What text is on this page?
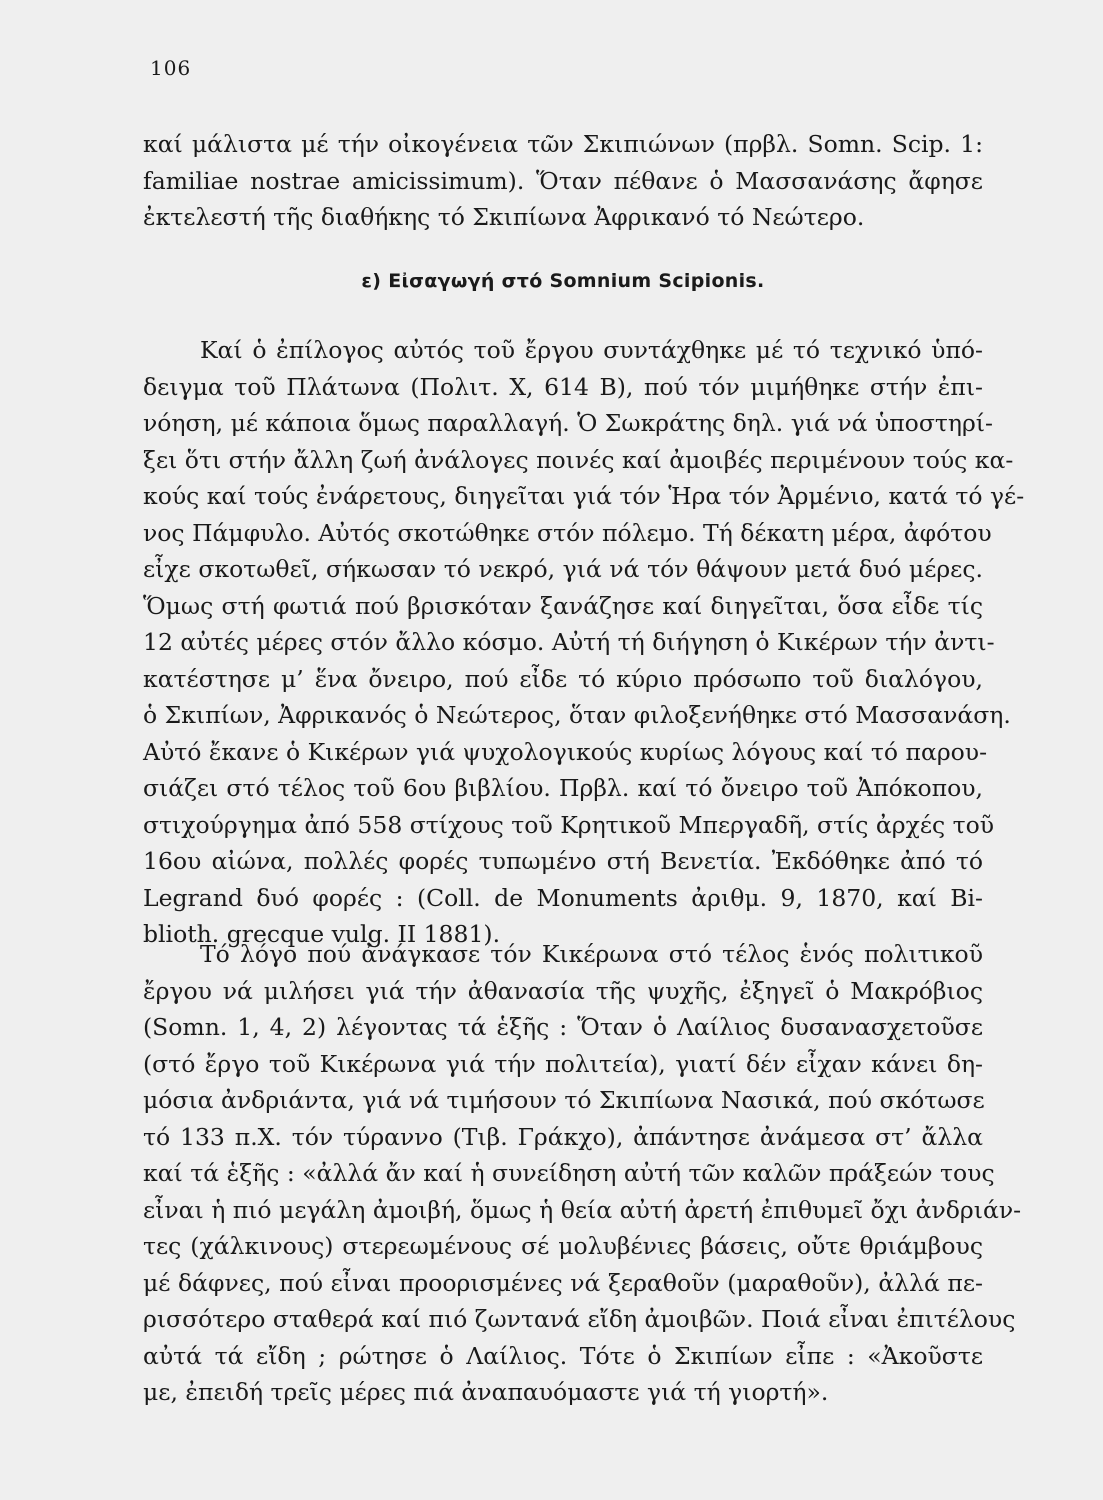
106
καί μάλιστα μέ τήν οἰκογένεια τῶν Σκιπιώνων (πρβλ. Somn. Scip. 1:
familiae nostrae amicissimum). Ὅταν πέθανε ὁ Μασσανάσης ἄφησε
ἐκτελεστή τῆς διαθήκης τό Σκιπίωνα Ἀφρικανό τό Νεώτερο.
ε) Εἰσαγωγή στό Somnium Scipionis.
Καί ὁ ἐπίλογος αὐτός τοῦ ἔργου συντάχθηκε μέ τό τεχνικό ὑπό-
δειγμα τοῦ Πλάτωνα (Πολιτ. Χ, 614 Β), πού τόν μιμήθηκε στήν ἐπι-
νόηση, μέ κάποια ὅμως παραλλαγή. Ὁ Σωκράτης δηλ. γιά νά ὑποστηρί-
ξει ὅτι στήν ἄλλη ζωή ἀνάλογες ποινές καί ἀμοιβές περιμένουν τούς κα-
κούς καί τούς ἐνάρετους, διηγεῖται γιά τόν Ἡρα τόν Ἀρμένιο, κατά τό γέ-
νος Πάμφυλο. Αὐτός σκοτώθηκε στόν πόλεμο. Τή δέκατη μέρα, ἀφότου
εἶχε σκοτωθεῖ, σήκωσαν τό νεκρό, γιά νά τόν θάψουν μετά δυό μέρες.
Ὅμως στή φωτιά πού βρισκόταν ξανάζησε καί διηγεῖται, ὅσα εἶδε τίς
12 αὐτές μέρες στόν ἄλλο κόσμο. Αὐτή τή διήγηση ὁ Κικέρων τήν ἀντι-
κατέστησε μ’ ἕνα ὄνειρο, πού εἶδε τό κύριο πρόσωπο τοῦ διαλόγου,
ὁ Σκιπίων, Ἀφρικανός ὁ Νεώτερος, ὅταν φιλοξενήθηκε στό Μασσανάση.
Αὐτό ἔκανε ὁ Κικέρων γιά ψυχολογικούς κυρίως λόγους καί τό παρου-
σιάζει στό τέλος τοῦ 6ου βιβλίου. Πρβλ. καί τό ὄνειρο τοῦ Ἀπόκοπου,
στιχούργημα ἀπό 558 στίχους τοῦ Κρητικοῦ Μπεργαδῆ, στίς ἀρχές τοῦ
16ου αἰώνα, πολλές φορές τυπωμένο στή Βενετία. Ἐκδόθηκε ἀπό τό
Legrand δυό φορές : (Coll. de Monuments ἀριθμ. 9, 1870, καί Bi-
blioth. grecque vulg. II 1881).
Τό λόγο πού ἀνάγκασε τόν Κικέρωνα στό τέλος ἑνός πολιτικοῦ
ἔργου νά μιλήσει γιά τήν ἀθανασία τῆς ψυχῆς, ἐξηγεῖ ὁ Μακρόβιος
(Somn. 1, 4, 2) λέγοντας τά ἑξῆς : Ὅταν ὁ Λαίλιος δυσανασχετοῦσε
(στό ἔργο τοῦ Κικέρωνα γιά τήν πολιτεία), γιατί δέν εἶχαν κάνει δη-
μόσια ἀνδριάντα, γιά νά τιμήσουν τό Σκιπίωνα Νασικά, πού σκότωσε
τό 133 π.Χ. τόν τύραννο (Τιβ. Γράκχο), ἀπάντησε ἀνάμεσα στ’ ἄλλα
καί τά ἑξῆς : «ἀλλά ἄν καί ἡ συνείδηση αὐτή τῶν καλῶν πράξεών τους
εἶναι ἡ πιό μεγάλη ἀμοιβή, ὅμως ἡ θεία αὐτή ἀρετή ἐπιθυμεῖ ὄχι ἀνδριάν-
τες (χάλκινους) στερεωμένους σέ μολυβένιες βάσεις, οὔτε θριάμβους
μέ δάφνες, πού εἶναι προορισμένες νά ξεραθοῦν (μαραθοῦν), ἀλλά πε-
ρισσότερο σταθερά καί πιό ζωντανά εἴδη ἀμοιβῶν. Ποιά εἶναι ἐπιτέλους
αὐτά τά εἴδη ; ρώτησε ὁ Λαίλιος. Τότε ὁ Σκιπίων εἶπε : «Ἀκοῦστε
με, ἐπειδή τρεῖς μέρες πιά ἀναπαυόμαστε γιά τή γιορτή».
